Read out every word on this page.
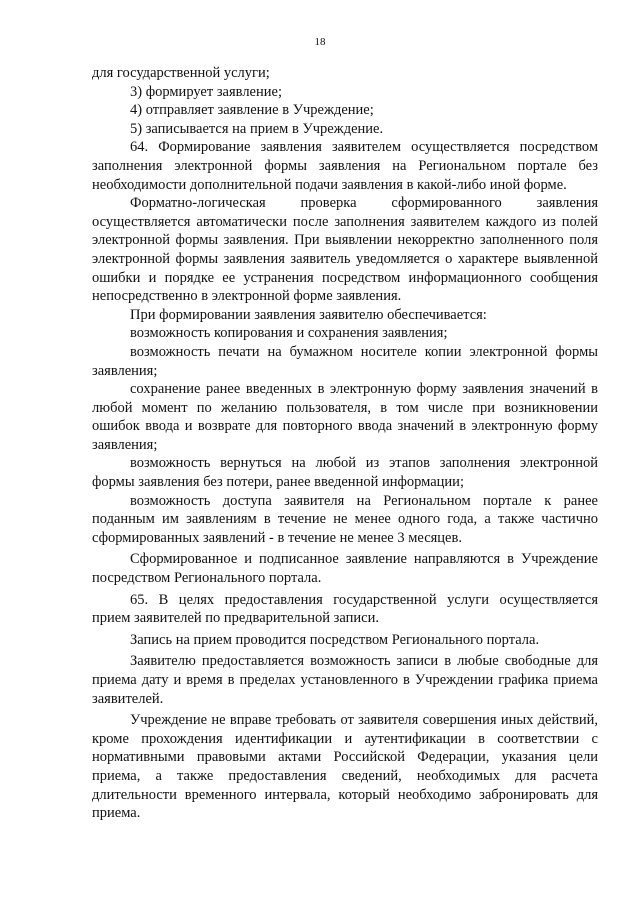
18

для государственной услуги;

3) формирует заявление;

4) отправляет заявление в Учреждение;

5) записывается на прием в Учреждение.

64. Формирование заявления заявителем осуществляется посредством заполнения электронной формы заявления на Региональном портале без необходимости дополнительной подачи заявления в какой-либо иной форме.

Форматно-логическая проверка сформированного заявления осуществляется автоматически после заполнения заявителем каждого из полей электронной формы заявления. При выявлении некорректно заполненного поля электронной формы заявления заявитель уведомляется о характере выявленной ошибки и порядке ее устранения посредством информационного сообщения непосредственно в электронной форме заявления.

При формировании заявления заявителю обеспечивается:

возможность копирования и сохранения заявления;

возможность печати на бумажном носителе копии электронной формы заявления;

сохранение ранее введенных в электронную форму заявления значений в любой момент по желанию пользователя, в том числе при возникновении ошибок ввода и возврате для повторного ввода значений в электронную форму заявления;

возможность вернуться на любой из этапов заполнения электронной формы заявления без потери, ранее введенной информации;

возможность доступа заявителя на Региональном портале к ранее поданным им заявлениям в течение не менее одного года, а также частично сформированных заявлений - в течение не менее 3 месяцев.

Сформированное и подписанное заявление направляются в Учреждение посредством Регионального портала.

65. В целях предоставления государственной услуги осуществляется прием заявителей по предварительной записи.

Запись на прием проводится посредством Регионального портала.

Заявителю предоставляется возможность записи в любые свободные для приема дату и время в пределах установленного в Учреждении графика приема заявителей.

Учреждение не вправе требовать от заявителя совершения иных действий, кроме прохождения идентификации и аутентификации в соответствии с нормативными правовыми актами Российской Федерации, указания цели приема, а также предоставления сведений, необходимых для расчета длительности временного интервала, который необходимо забронировать для приема.
